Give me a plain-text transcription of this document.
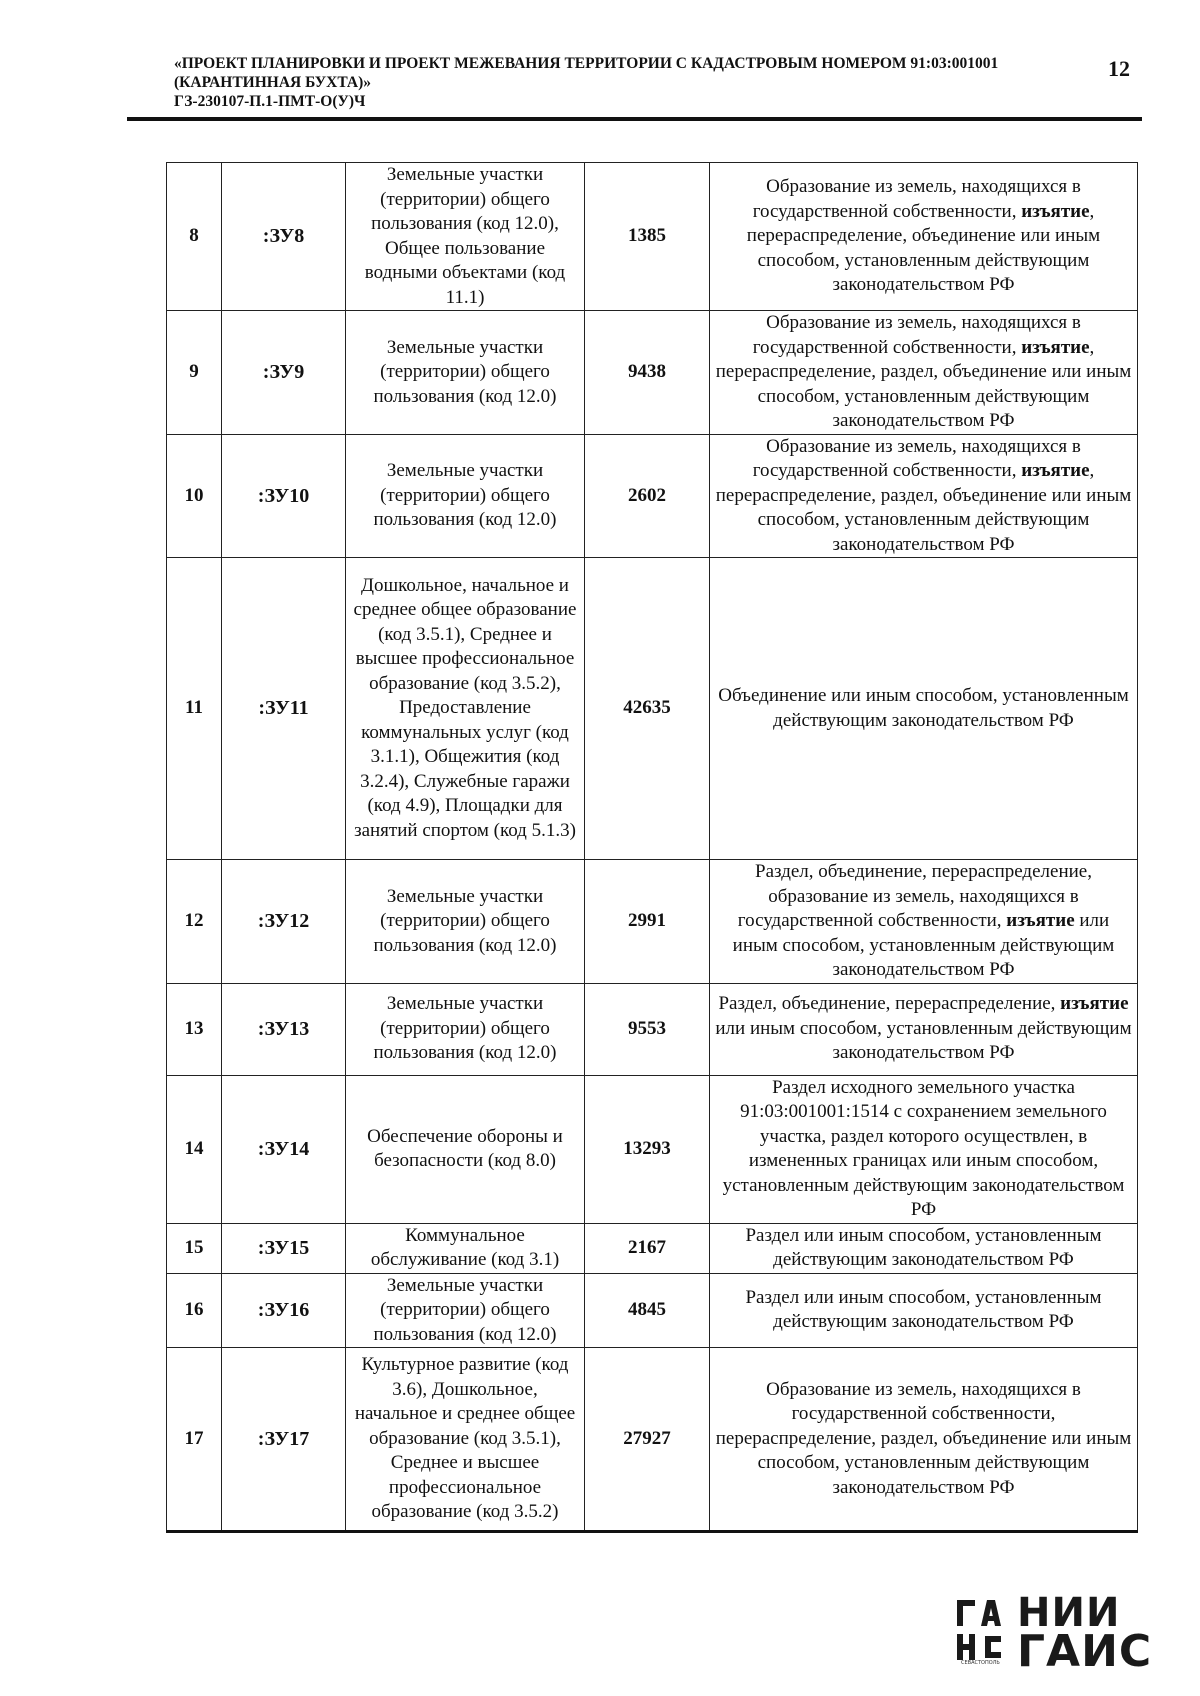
«ПРОЕКТ ПЛАНИРОВКИ И ПРОЕКТ МЕЖЕВАНИЯ ТЕРРИТОРИИ С КАДАСТРОВЫМ НОМЕРОМ 91:03:001001
(КАРАНТИННАЯ БУХТА)»
ГЗ-230107-П.1-ПМТ-О(У)Ч
12
8	:ЗУ8	Земельные участки (территории) общего пользования (код 12.0), Общее пользование водными объектами (код 11.1)	1385	Образование из земель, находящихся в государственной собственности, изъятие, перераспределение, объединение или иным способом, установленным действующим законодательством РФ
9	:ЗУ9	Земельные участки (территории) общего пользования (код 12.0)	9438	Образование из земель, находящихся в государственной собственности, изъятие, перераспределение, раздел, объединение или иным способом, установленным действующим законодательством РФ
10	:ЗУ10	Земельные участки (территории) общего пользования (код 12.0)	2602	Образование из земель, находящихся в государственной собственности, изъятие, перераспределение, раздел, объединение или иным способом, установленным действующим законодательством РФ
11	:ЗУ11	Дошкольное, начальное и среднее общее образование (код 3.5.1), Среднее и высшее профессиональное образование (код 3.5.2), Предоставление коммунальных услуг (код 3.1.1), Общежития (код 3.2.4), Служебные гаражи (код 4.9), Площадки для занятий спортом (код 5.1.3)	42635	Объединение или иным способом, установленным действующим законодательством РФ
12	:ЗУ12	Земельные участки (территории) общего пользования (код 12.0)	2991	Раздел, объединение, перераспределение, образование из земель, находящихся в государственной собственности, изъятие или иным способом, установленным действующим законодательством РФ
13	:ЗУ13	Земельные участки (территории) общего пользования (код 12.0)	9553	Раздел, объединение, перераспределение, изъятие или иным способом, установленным действующим законодательством РФ
14	:ЗУ14	Обеспечение обороны и безопасности (код 8.0)	13293	Раздел исходного земельного участка 91:03:001001:1514 с сохранением земельного участка, раздел которого осуществлен, в измененных границах или иным способом, установленным действующим законодательством РФ
15	:ЗУ15	Коммунальное обслуживание (код 3.1)	2167	Раздел или иным способом, установленным действующим законодательством РФ
16	:ЗУ16	Земельные участки (территории) общего пользования (код 12.0)	4845	Раздел или иным способом, установленным действующим законодательством РФ
17	:ЗУ17	Культурное развитие (код 3.6), Дошкольное, начальное и среднее общее образование (код 3.5.1), Среднее и высшее профессиональное образование (код 3.5.2)	27927	Образование из земель, находящихся в государственной собственности, перераспределение, раздел, объединение или иным способом, установленным действующим законодательством РФ
НИИ
ГАИС
СЕВАСТОПОЛЬ
